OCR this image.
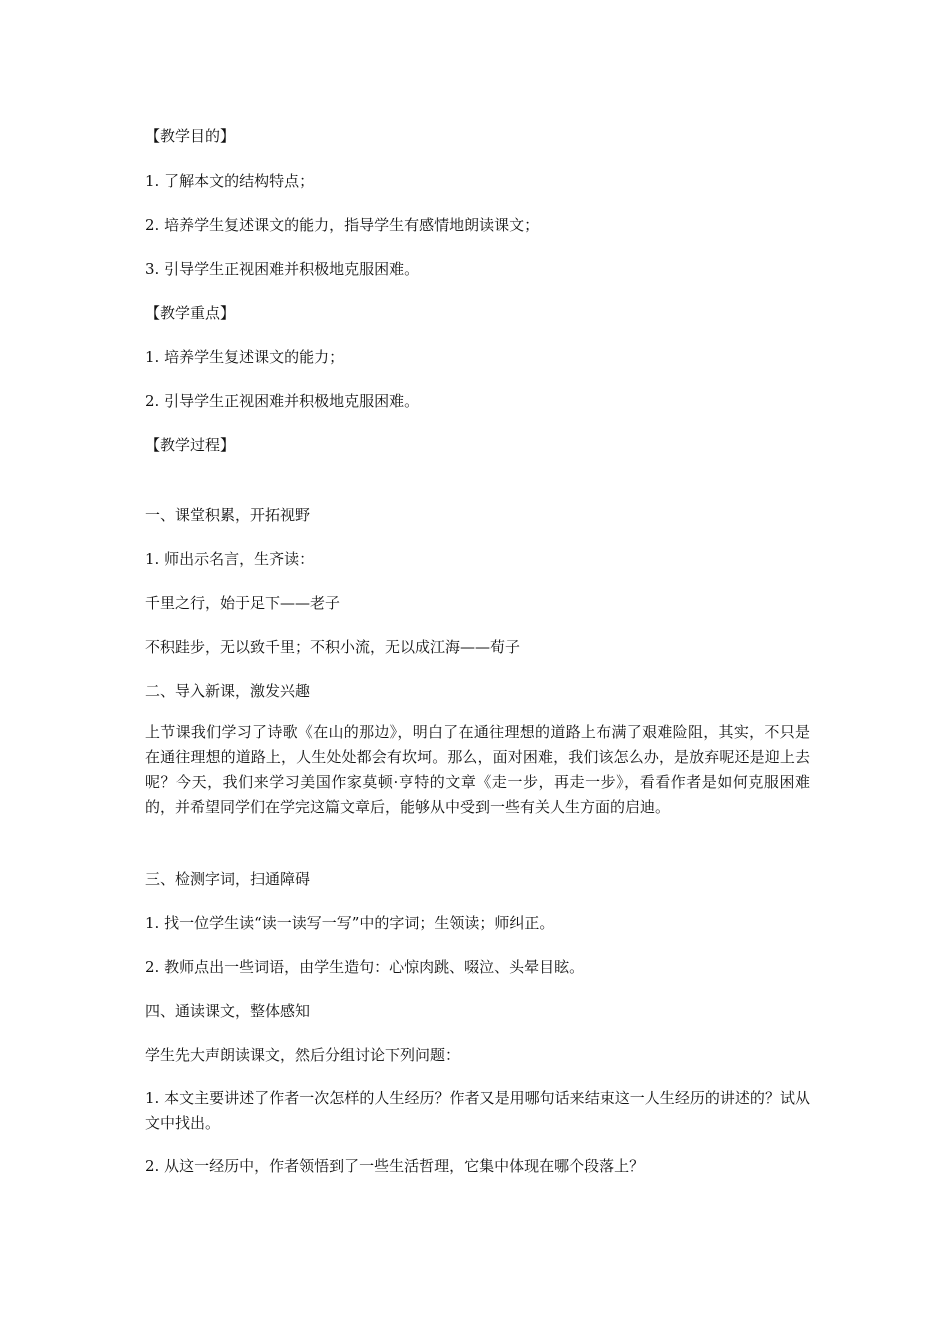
【教学目的】

1. 了解本文的结构特点；

2. 培养学生复述课文的能力，指导学生有感情地朗读课文；

3. 引导学生正视困难并积极地克服困难。

【教学重点】

1. 培养学生复述课文的能力；

2. 引导学生正视困难并积极地克服困难。

【教学过程】

一、课堂积累，开拓视野

1. 师出示名言，生齐读：

千里之行，始于足下——老子

不积跬步，无以致千里；不积小流，无以成江海——荀子

二、导入新课，激发兴趣

上节课我们学习了诗歌《在山的那边》，明白了在通往理想的道路上布满了艰难险阻，其实，不只是在通往理想的道路上，人生处处都会有坎坷。那么，面对困难，我们该怎么办，是放弃呢还是迎上去呢？今天，我们来学习美国作家莫顿·亨特的文章《走一步，再走一步》，看看作者是如何克服困难的，并希望同学们在学完这篇文章后，能够从中受到一些有关人生方面的启迪。

三、检测字词，扫通障碍

1. 找一位学生读“读一读写一写”中的字词；生领读；师纠正。

2. 教师点出一些词语，由学生造句：心惊肉跳、啜泣、头晕目眩。

四、通读课文，整体感知

学生先大声朗读课文，然后分组讨论下列问题：

1. 本文主要讲述了作者一次怎样的人生经历？作者又是用哪句话来结束这一人生经历的讲述的？试从文中找出。

2. 从这一经历中，作者领悟到了一些生活哲理，它集中体现在哪个段落上？
